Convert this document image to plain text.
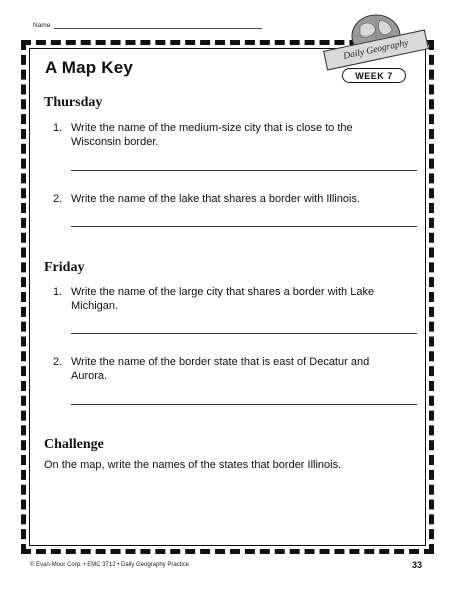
Name
Daily Geography
WEEK 7
A Map Key
Thursday
1. Write the name of the medium-size city that is close to the Wisconsin border.
2. Write the name of the lake that shares a border with Illinois.
Friday
1. Write the name of the large city that shares a border with Lake Michigan.
2. Write the name of the border state that is east of Decatur and Aurora.
Challenge
On the map, write the names of the states that border Illinois.
© Evan-Moor Corp. • EMC 3712 • Daily Geography Practice	33
